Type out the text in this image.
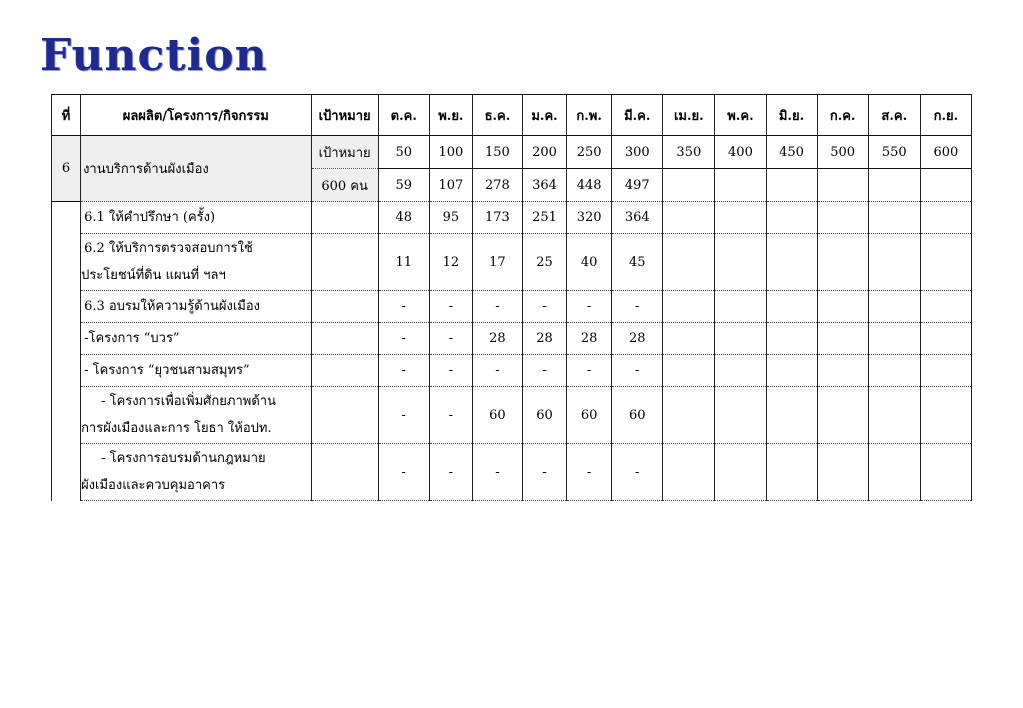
Function
ที่	ผลผลิต/โครงการ/กิจกรรม	เป้าหมาย	ต.ค.	พ.ย.	ธ.ค.	ม.ค.	ก.พ.	มี.ค.	เม.ย.	พ.ค.	มิ.ย.	ก.ค.	ส.ค.	ก.ย.
6	งานบริการด้านผังเมือง	เป้าหมาย	50	100	150	200	250	300	350	400	450	500	550	600
		600 คน	59	107	278	364	448	497						
	6.1 ให้คำปรึกษา (ครั้ง)		48	95	173	251	320	364						

	6.2 ให้บริการตรวจสอบการใช้
ประโยชน์ที่ดิน แผนที่ ฯลฯ		11	12	17	25	40	45						
	6.3 อบรมให้ความรู้ด้านผังเมือง		-	-	-	-	-	-						
	-โครงการ “บวร”		-	-	28	28	28	28						
	- โครงการ “ยุวชนสามสมุทร”		-	-	-	-	-	-						

	- โครงการเพื่อเพิ่มศักยภาพด้าน
การผังเมืองและการ โยธา ให้อปท.		-	-	60	60	60	60						

	- โครงการอบรมด้านกฎหมาย
ผังเมืองและควบคุมอาคาร		-	-	-	-	-	-						
